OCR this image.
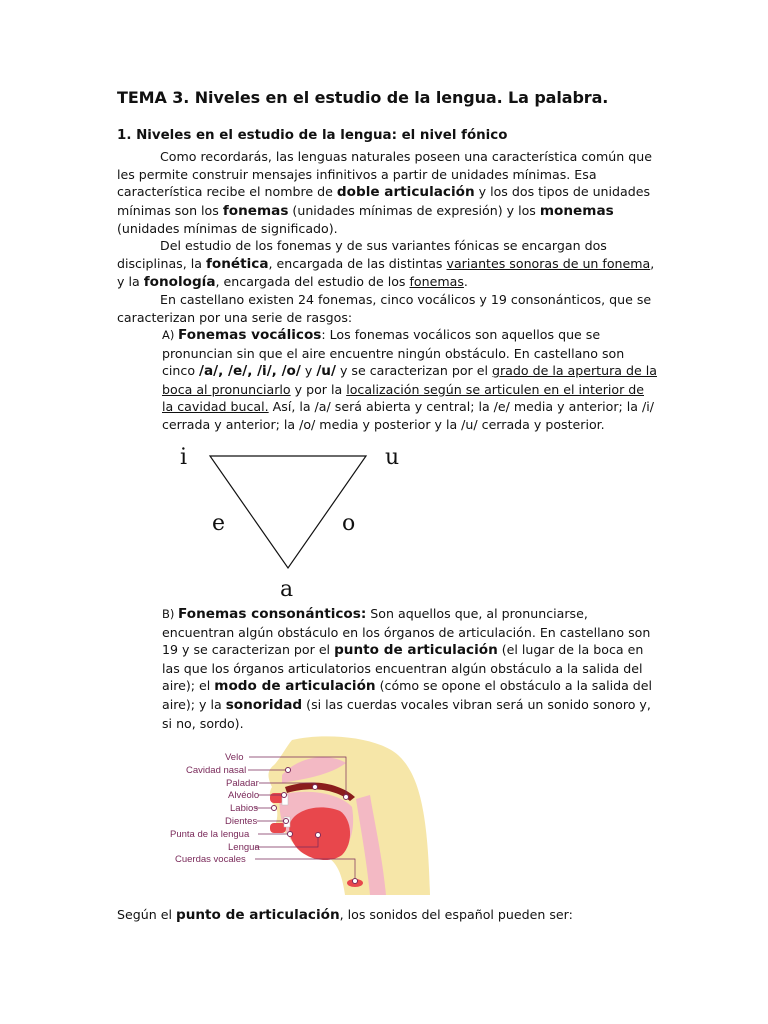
TEMA 3. Niveles en el estudio de la lengua. La palabra.
1. Niveles en el estudio de la lengua: el nivel fónico
Como recordarás, las lenguas naturales poseen una característica común que les permite construir mensajes infinitivos a partir de unidades mínimas. Esa característica recibe el nombre de doble articulación y los dos tipos de unidades mínimas son los fonemas (unidades mínimas de expresión) y los monemas (unidades mínimas de significado).
Del estudio de los fonemas y de sus variantes fónicas se encargan dos disciplinas, la fonética, encargada de las distintas variantes sonoras de un fonema, y la fonología, encargada del estudio de los fonemas.
En castellano existen 24 fonemas, cinco vocálicos y 19 consonánticos, que se caracterizan por una serie de rasgos:
A) Fonemas vocálicos: Los fonemas vocálicos son aquellos que se pronuncian sin que el aire encuentre ningún obstáculo. En castellano son cinco /a/, /e/, /i/, /o/ y /u/ y se caracterizan por el grado de la apertura de la boca al pronunciarlo y por la localización según se articulen en el interior de la cavidad bucal. Así, la /a/ será abierta y central; la /e/ media y anterior; la /i/ cerrada y anterior; la /o/ media y posterior y la /u/ cerrada y posterior.
i	u
e	o
a
B) Fonemas consonánticos: Son aquellos que, al pronunciarse, encuentran algún obstáculo en los órganos de articulación. En castellano son 19 y se caracterizan por el punto de articulación (el lugar de la boca en las que los órganos articulatorios encuentran algún obstáculo a la salida del aire); el modo de articulación (cómo se opone el obstáculo a la salida del aire); y la sonoridad (si las cuerdas vocales vibran será un sonido sonoro y, si no, sordo).
Velo
Cavidad nasal
Paladar
Alvéolo
Labios
Dientes
Punta de la lengua
Lengua
Cuerdas vocales
Según el punto de articulación, los sonidos del español pueden ser:
